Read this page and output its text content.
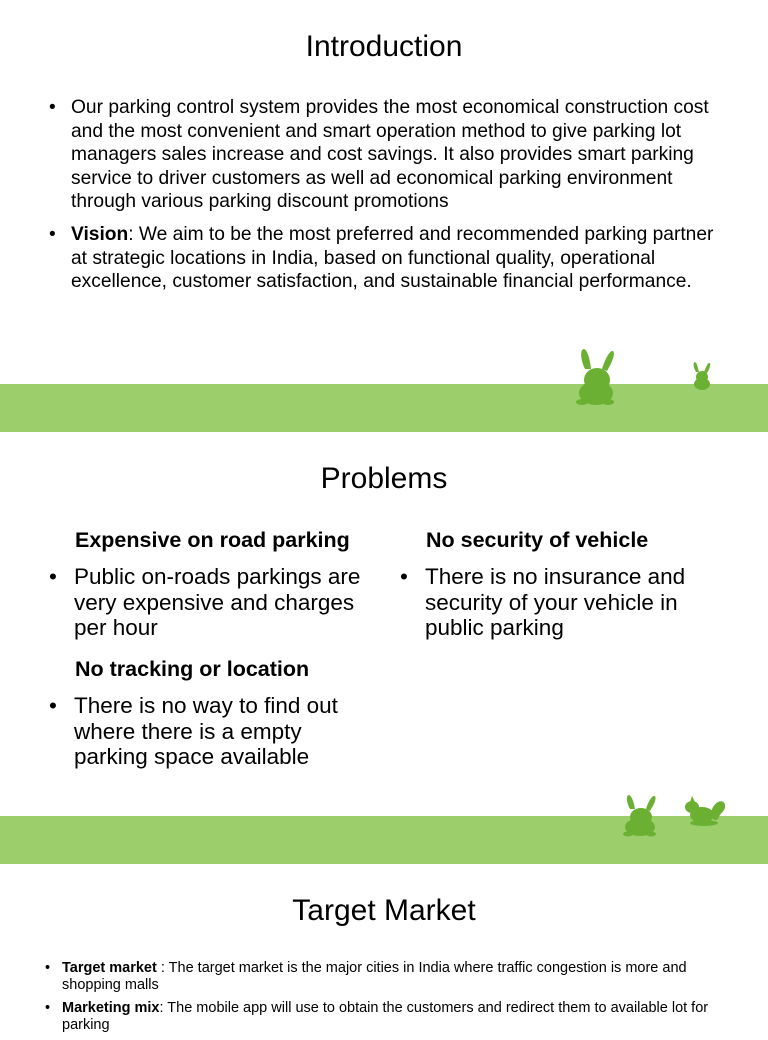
Introduction
• Our parking control system provides the most economical construction cost and the most convenient and smart operation method to give parking lot managers sales increase and cost savings. It also provides smart parking service to driver customers as well ad economical parking environment through various parking discount promotions
• Vision: We aim to be the most preferred and recommended parking partner at strategic locations in India, based on functional quality, operational excellence, customer satisfaction, and sustainable financial performance.
Problems
Expensive on road parking
• Public on-roads parkings are very expensive and charges per hour
No security of vehicle
• There is no insurance and security of your vehicle in public parking
No tracking or location
• There is no way to find out where there is a empty parking space available
Target Market
• Target market : The target market is the major cities in India where traffic congestion is more and shopping malls
• Marketing mix: The mobile app will use to obtain the customers and redirect them to available lot for parking
